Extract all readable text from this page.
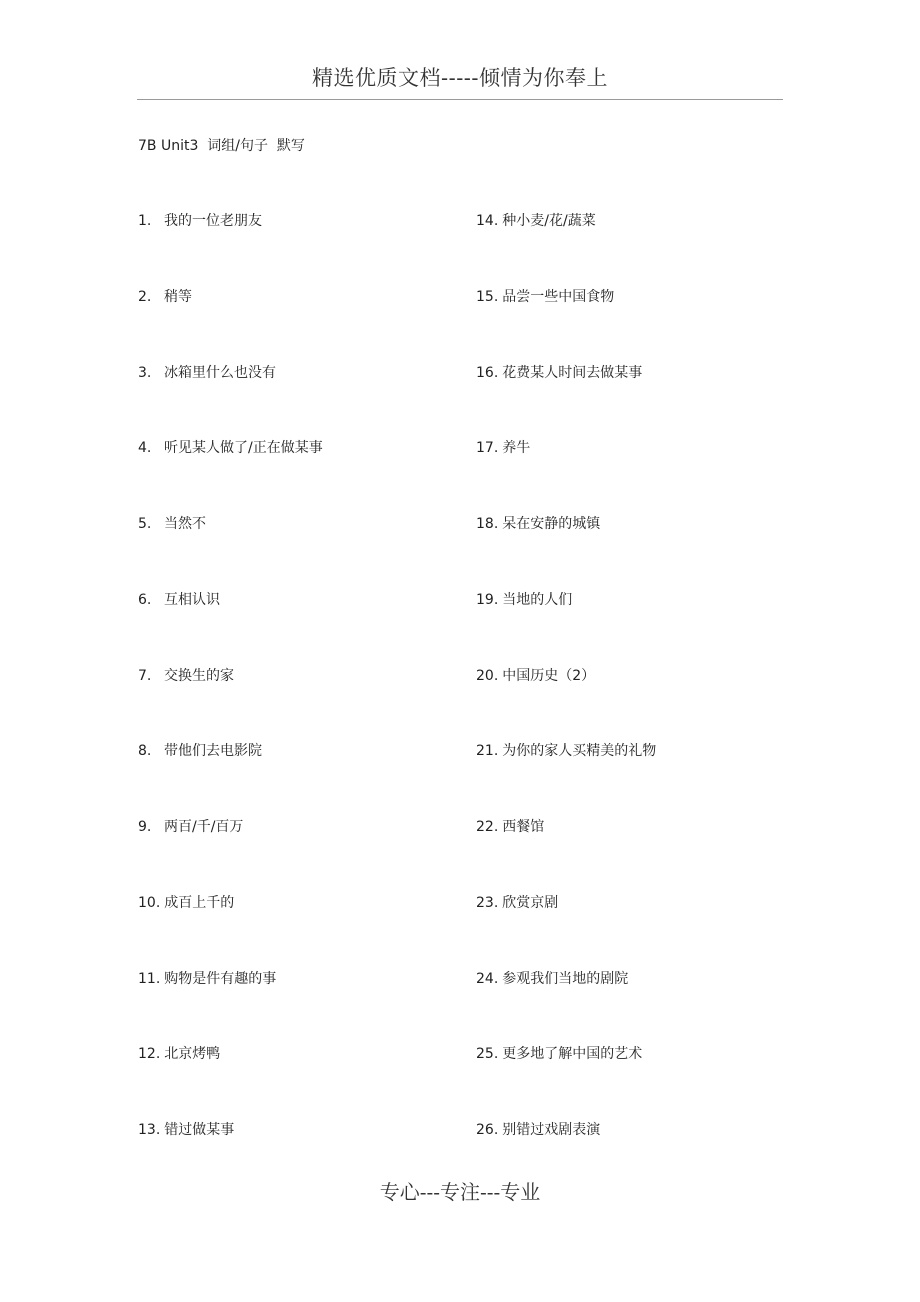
精选优质文档-----倾情为你奉上
7B Unit3  词组/句子  默写
1. 我的一位老朋友
2. 稍等
3. 冰箱里什么也没有
4. 听见某人做了/正在做某事
5. 当然不
6. 互相认识
7. 交换生的家
8. 带他们去电影院
9. 两百/千/百万
10. 成百上千的
11. 购物是件有趣的事
12. 北京烤鸭
13. 错过做某事
14. 种小麦/花/蔬菜
15. 品尝一些中国食物
16. 花费某人时间去做某事
17. 养牛
18. 呆在安静的城镇
19. 当地的人们
20. 中国历史（2）
21. 为你的家人买精美的礼物
22. 西餐馆
23. 欣赏京剧
24. 参观我们当地的剧院
25. 更多地了解中国的艺术
26. 别错过戏剧表演
专心---专注---专业
